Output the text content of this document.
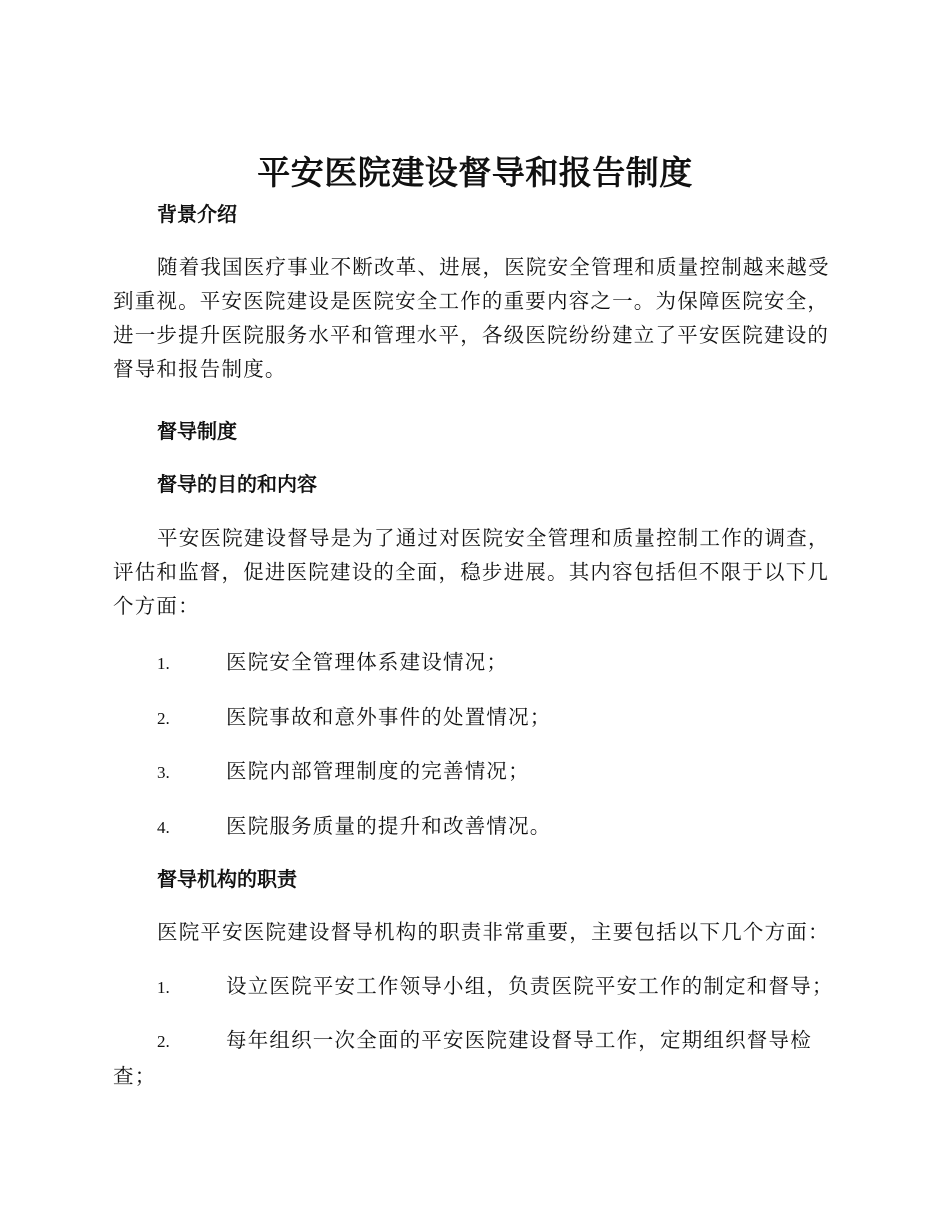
平安医院建设督导和报告制度
背景介绍

随着我国医疗事业不断改革、进展，医院安全管理和质量控制越来越受到重视。平安医院建设是医院安全工作的重要内容之一。为保障医院安全，进一步提升医院服务水平和管理水平，各级医院纷纷建立了平安医院建设的督导和报告制度。

督导制度
督导的目的和内容

平安医院建设督导是为了通过对医院安全管理和质量控制工作的调查，评估和监督，促进医院建设的全面，稳步进展。其内容包括但不限于以下几个方面：

1.	医院安全管理体系建设情况；
2.	医院事故和意外事件的处置情况；
3.	医院内部管理制度的完善情况；
4.	医院服务质量的提升和改善情况。
督导机构的职责

医院平安医院建设督导机构的职责非常重要，主要包括以下几个方面：

1.	设立医院平安工作领导小组，负责医院平安工作的制定和督导；
2.	每年组织一次全面的平安医院建设督导工作，定期组织督导检查；
